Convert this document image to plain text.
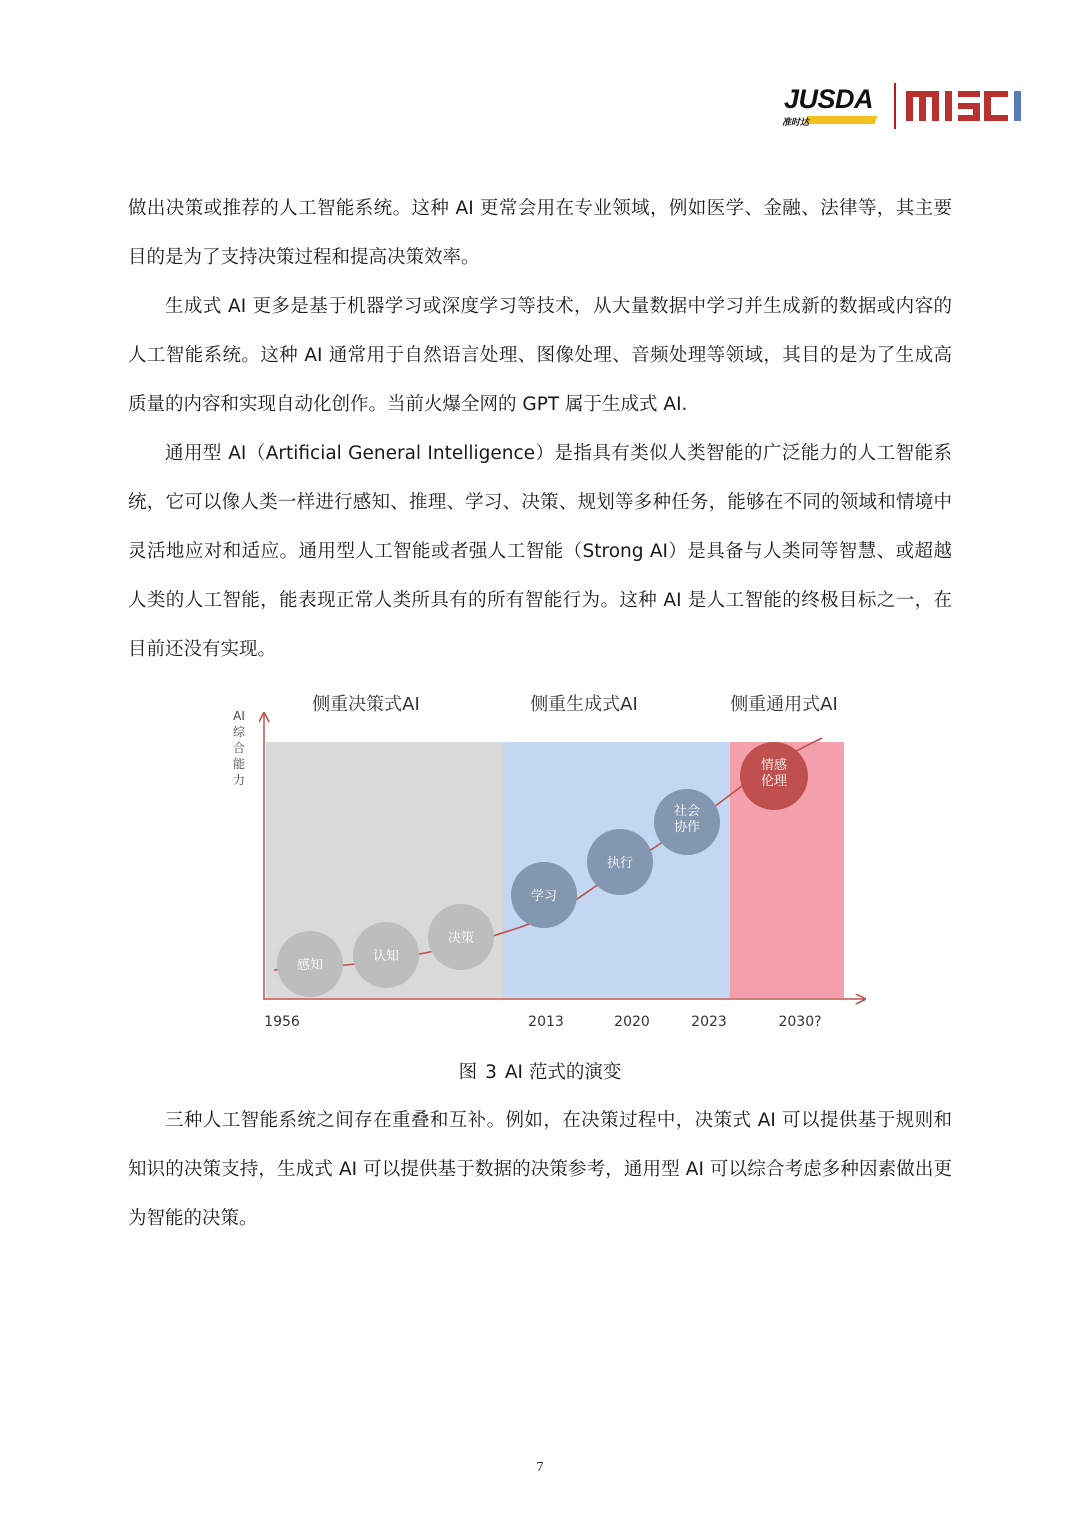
JUSDA
准时达

做出决策或推荐的人工智能系统。这种 AI 更常会用在专业领域，例如医学、金融、法律等，其主要目的是为了支持决策过程和提高决策效率。

生成式 AI 更多是基于机器学习或深度学习等技术，从大量数据中学习并生成新的数据或内容的人工智能系统。这种 AI 通常用于自然语言处理、图像处理、音频处理等领域，其目的是为了生成高质量的内容和实现自动化创作。当前火爆全网的 GPT 属于生成式 AI.

通用型 AI（Artificial General Intelligence）是指具有类似人类智能的广泛能力的人工智能系统，它可以像人类一样进行感知、推理、学习、决策、规划等多种任务，能够在不同的领域和情境中灵活地应对和适应。通用型人工智能或者强人工智能（Strong AI）是具备与人类同等智慧、或超越人类的人工智能，能表现正常人类所具有的所有智能行为。这种 AI 是人工智能的终极目标之一，在目前还没有实现。

侧重决策式AI	侧重生成式AI	侧重通用式AI
AI
综
合
能
力
感知
认知
决策
学习
执行
社会协作
情感伦理
1956	2013	2020	2023	2030?
图 3 AI 范式的演变

三种人工智能系统之间存在重叠和互补。例如，在决策过程中，决策式 AI 可以提供基于规则和知识的决策支持，生成式 AI 可以提供基于数据的决策参考，通用型 AI 可以综合考虑多种因素做出更为智能的决策。

7
